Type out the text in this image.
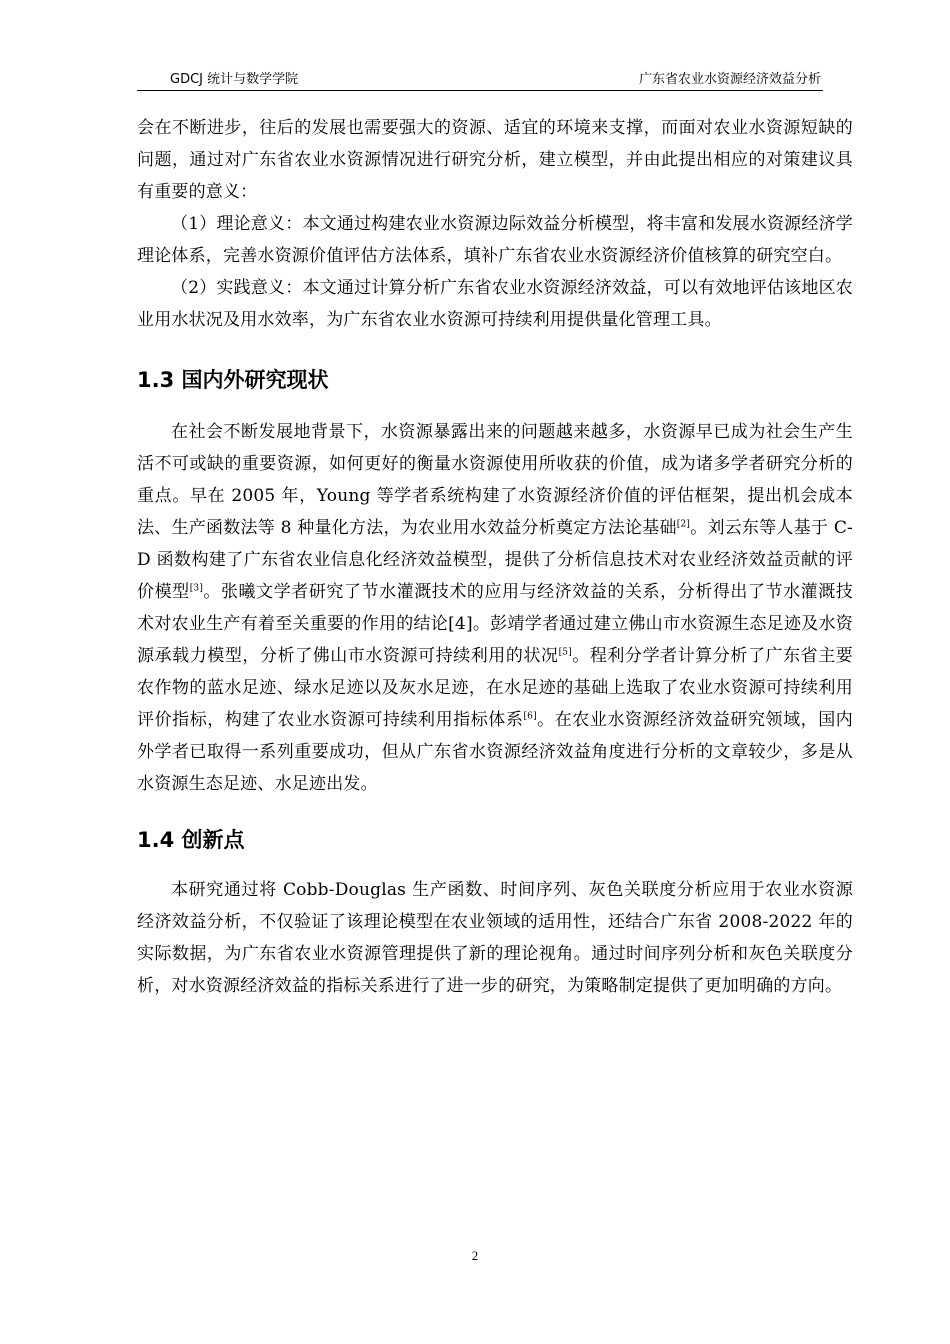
GDCJ 统计与数学学院	广东省农业水资源经济效益分析

会在不断进步，往后的发展也需要强大的资源、适宜的环境来支撑，而面对农业水资源短缺的问题，通过对广东省农业水资源情况进行研究分析，建立模型，并由此提出相应的对策建议具有重要的意义：

（1）理论意义：本文通过构建农业水资源边际效益分析模型，将丰富和发展水资源经济学理论体系，完善水资源价值评估方法体系，填补广东省农业水资源经济价值核算的研究空白。

（2）实践意义：本文通过计算分析广东省农业水资源经济效益，可以有效地评估该地区农业用水状况及用水效率，为广东省农业水资源可持续利用提供量化管理工具。

1.3 国内外研究现状

在社会不断发展地背景下，水资源暴露出来的问题越来越多，水资源早已成为社会生产生活不可或缺的重要资源，如何更好的衡量水资源使用所收获的价值，成为诸多学者研究分析的重点。早在 2005 年，Young 等学者系统构建了水资源经济价值的评估框架，提出机会成本法、生产函数法等 8 种量化方法，为农业用水效益分析奠定方法论基础[2]。刘云东等人基于 C-D 函数构建了广东省农业信息化经济效益模型，提供了分析信息技术对农业经济效益贡献的评价模型[3]。张曦文学者研究了节水灌溉技术的应用与经济效益的关系，分析得出了节水灌溉技术对农业生产有着至关重要的作用的结论[4]。彭靖学者通过建立佛山市水资源生态足迹及水资源承载力模型，分析了佛山市水资源可持续利用的状况[5]。程利分学者计算分析了广东省主要农作物的蓝水足迹、绿水足迹以及灰水足迹，在水足迹的基础上选取了农业水资源可持续利用评价指标，构建了农业水资源可持续利用指标体系[6]。在农业水资源经济效益研究领域，国内外学者已取得一系列重要成功，但从广东省水资源经济效益角度进行分析的文章较少，多是从水资源生态足迹、水足迹出发。

1.4 创新点

本研究通过将 Cobb-Douglas 生产函数、时间序列、灰色关联度分析应用于农业水资源经济效益分析，不仅验证了该理论模型在农业领域的适用性，还结合广东省 2008-2022 年的实际数据，为广东省农业水资源管理提供了新的理论视角。通过时间序列分析和灰色关联度分析，对水资源经济效益的指标关系进行了进一步的研究，为策略制定提供了更加明确的方向。

2
